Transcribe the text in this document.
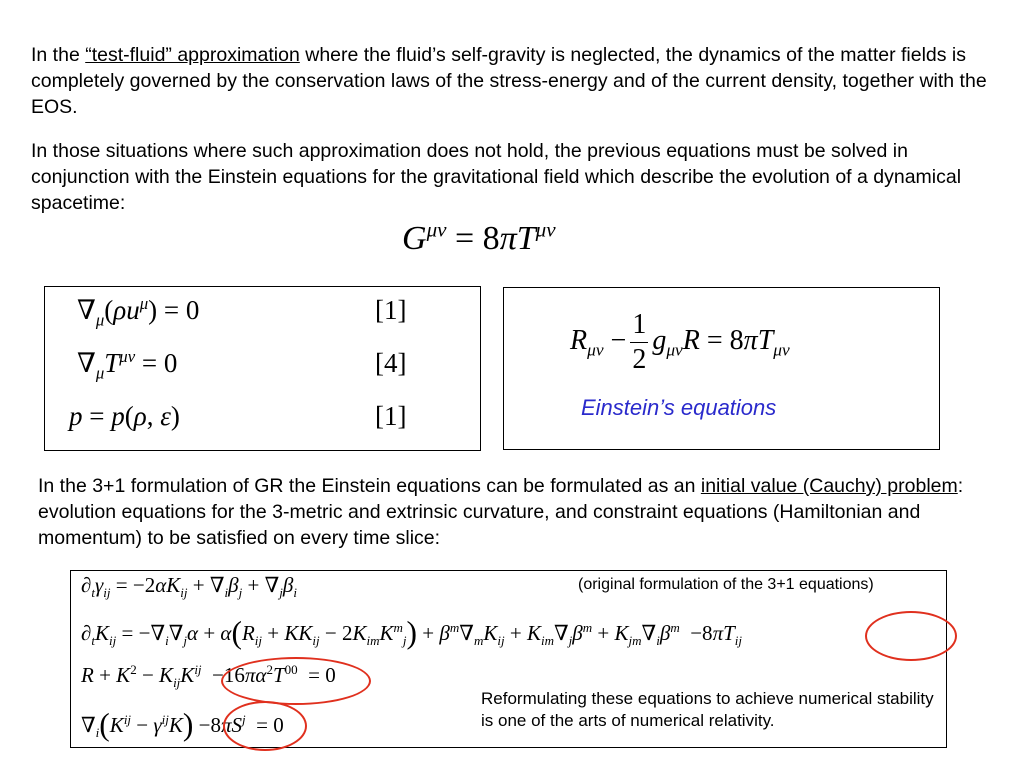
In the “test-fluid” approximation where the fluid’s self-gravity is neglected, the dynamics of the matter fields is completely governed by the conservation laws of the stress-energy and of the current density, together with the EOS.
In those situations where such approximation does not hold, the previous equations must be solved in conjunction with the Einstein equations for the gravitational field which describe the evolution of a dynamical spacetime:
$G^{\mu\nu} = 8\pi T^{\mu\nu}$
$\nabla_\mu(\rho u^\mu) = 0$
$\nabla_\mu T^{\mu\nu} = 0$
p = p(ρ, ε)
[1]
[4]
[1]
$R_{\mu\nu} - \frac{1}{2} g_{\mu\nu}R = 8\pi T_{\mu\nu}$
Einstein’s equations
In the 3+1 formulation of GR the Einstein equations can be formulated as an initial value (Cauchy) problem: evolution equations for the 3-metric and extrinsic curvature, and constraint equations (Hamiltonian and momentum) to be satisfied on every time slice:
$\partial_t\gamma_{ij} = -2\alpha K_{ij} + \nabla_i\beta_j + \nabla_j\beta_i$	(original formulation of the 3+1 equations)
$\partial_tK_{ij} = -\nabla_i\nabla_j\alpha + \alpha(R_{ij} + KK_{ij} - 2K_{im}K^m_j) + \beta^m\nabla_mK_{ij} + K_{im}\nabla_j\beta^m + K_{jm}\nabla_i\beta^m -8\pi T_{ij}$
$R + K^2 - K_{ij}K^{ij} -16\pi\alpha^2T^{00} = 0$
$\nabla_i(K^{ij} - \gamma^{ij}K) -8\pi S^j = 0$
Reformulating these equations to achieve numerical stability is one of the arts of numerical relativity.
